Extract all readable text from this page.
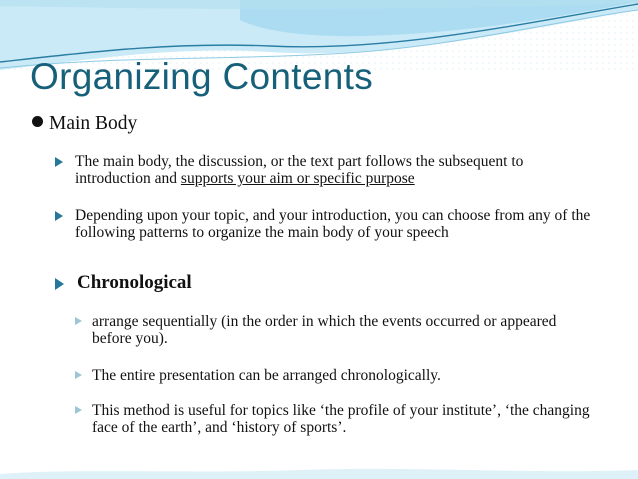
Organizing Contents
Main Body
The main body, the discussion, or the text part follows the subsequent to introduction and supports your aim or specific purpose
Depending upon your topic, and your introduction, you can choose from any of the following patterns to organize the main body of your speech
Chronological
arrange sequentially (in the order in which the events occurred or appeared before you).
The entire presentation can be arranged chronologically.
This method is useful for topics like ‘the profile of your institute’, ‘the changing face of the earth’, and ‘history of sports’.
